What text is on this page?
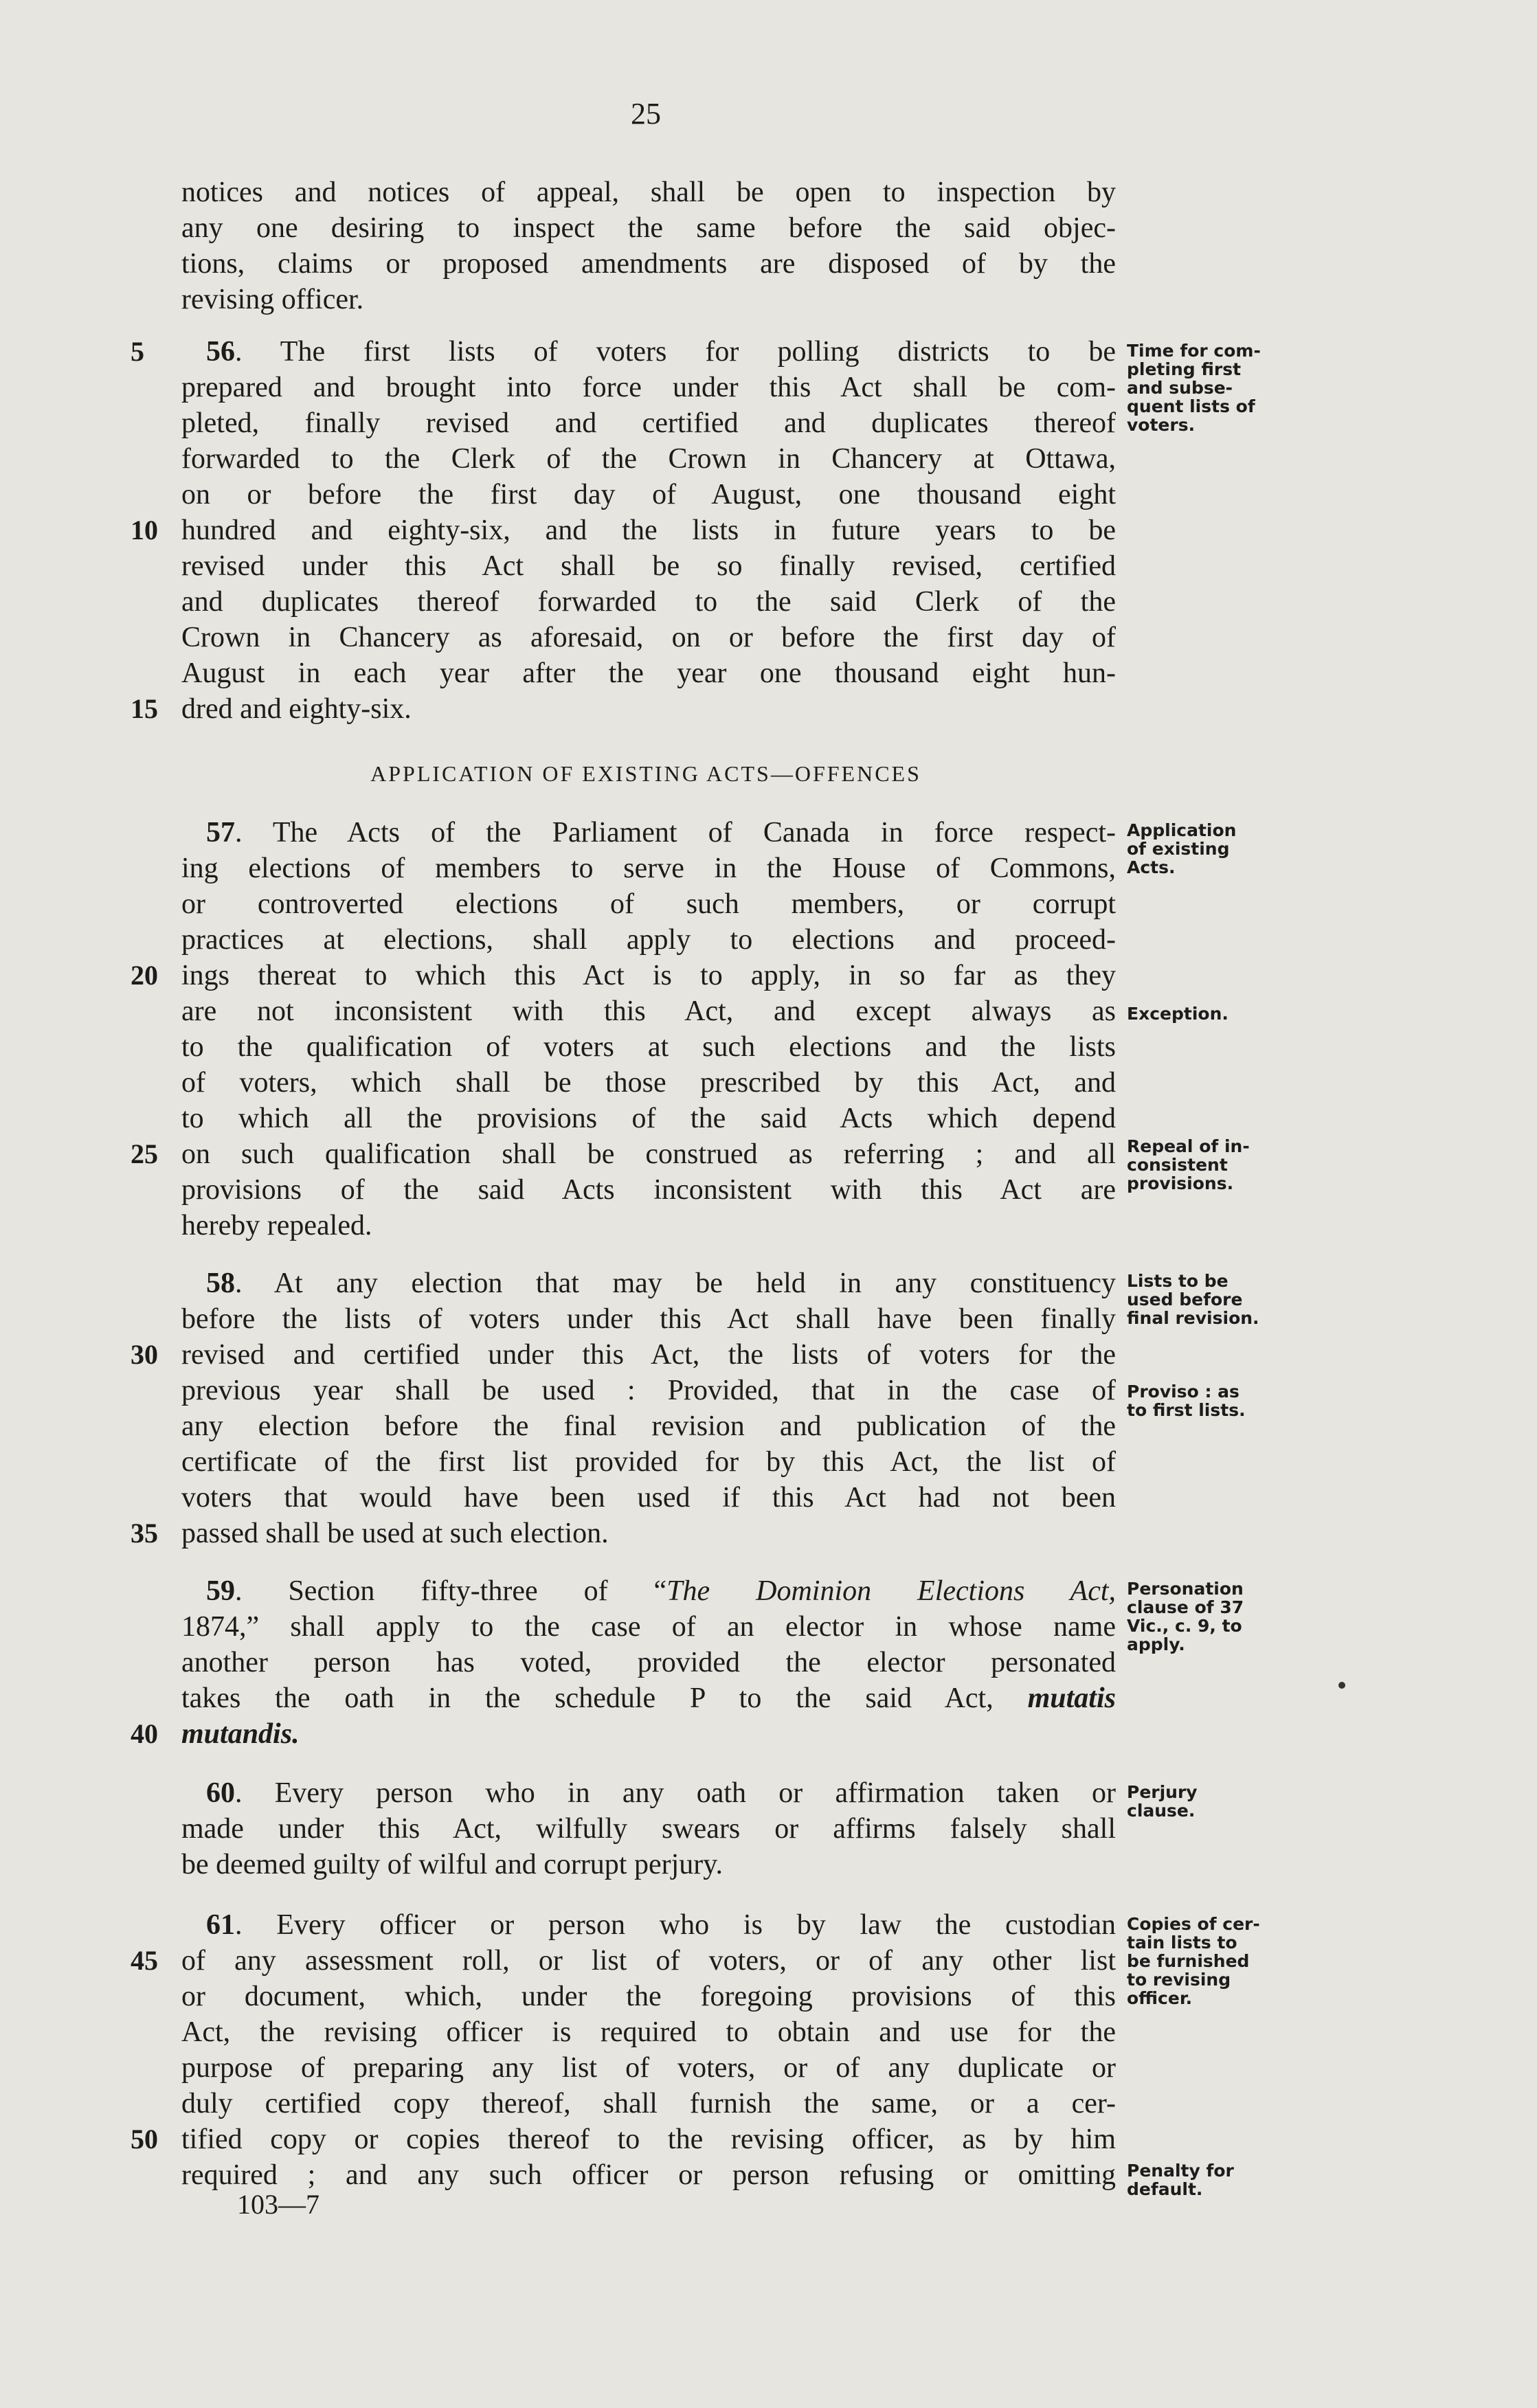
25
notices and notices of appeal, shall be open to inspection by
any one desiring to inspect the same before the said objec-
tions, claims or proposed amendments are disposed of by the
revising officer.
5	56. The first lists of voters for polling districts to be
prepared and brought into force under this Act shall be com-
pleted, finally revised and certified and duplicates thereof
forwarded to the Clerk of the Crown in Chancery at Ottawa,
on or before the first day of August, one thousand eight
10 hundred and eighty-six, and the lists in future years to be
revised under this Act shall be so finally revised, certified
and duplicates thereof forwarded to the said Clerk of the
Crown in Chancery as aforesaid, on or before the first day of
August in each year after the year one thousand eight hun-
15 dred and eighty-six.
Time for com-
pleting first
and subse-
quent lists of
voters.
APPLICATION OF EXISTING ACTS—OFFENCES
57. The Acts of the Parliament of Canada in force respect-
ing elections of members to serve in the House of Commons,
or controverted elections of such members, or corrupt
practices at elections, shall apply to elections and proceed-
20 ings thereat to which this Act is to apply, in so far as they
are not inconsistent with this Act, and except always as
to the qualification of voters at such elections and the lists
of voters, which shall be those prescribed by this Act, and
to which all the provisions of the said Acts which depend
25 on such qualification shall be construed as referring ; and all
provisions of the said Acts inconsistent with this Act are
hereby repealed.
Application
of existing
Acts.
Exception.
Repeal of in-
consistent
provisions.
58. At any election that may be held in any constituency
before the lists of voters under this Act shall have been finally
30 revised and certified under this Act, the lists of voters for the
previous year shall be used : Provided, that in the case of
any election before the final revision and publication of the
certificate of the first list provided for by this Act, the list of
voters that would have been used if this Act had not been
35 passed shall be used at such election.
Lists to be
used before
final revision.
Proviso : as
to first lists.
59. Section fifty-three of “The Dominion Elections Act,
1874,” shall apply to the case of an elector in whose name
another person has voted, provided the elector personated
takes the oath in the schedule P to the said Act, mutatis
40 mutandis.
Personation
clause of 37
Vic., c. 9, to
apply.
60. Every person who in any oath or affirmation taken or
made under this Act, wilfully swears or affirms falsely shall
be deemed guilty of wilful and corrupt perjury.
Perjury
clause.
61. Every officer or person who is by law the custodian
45 of any assessment roll, or list of voters, or of any other list
or document, which, under the foregoing provisions of this
Act, the revising officer is required to obtain and use for the
purpose of preparing any list of voters, or of any duplicate or
duly certified copy thereof, shall furnish the same, or a cer-
50 tified copy or copies thereof to the revising officer, as by him
required ; and any such officer or person refusing or omitting
Copies of cer-
tain lists to
be furnished
to revising
officer.
Penalty for
default.
103—7
